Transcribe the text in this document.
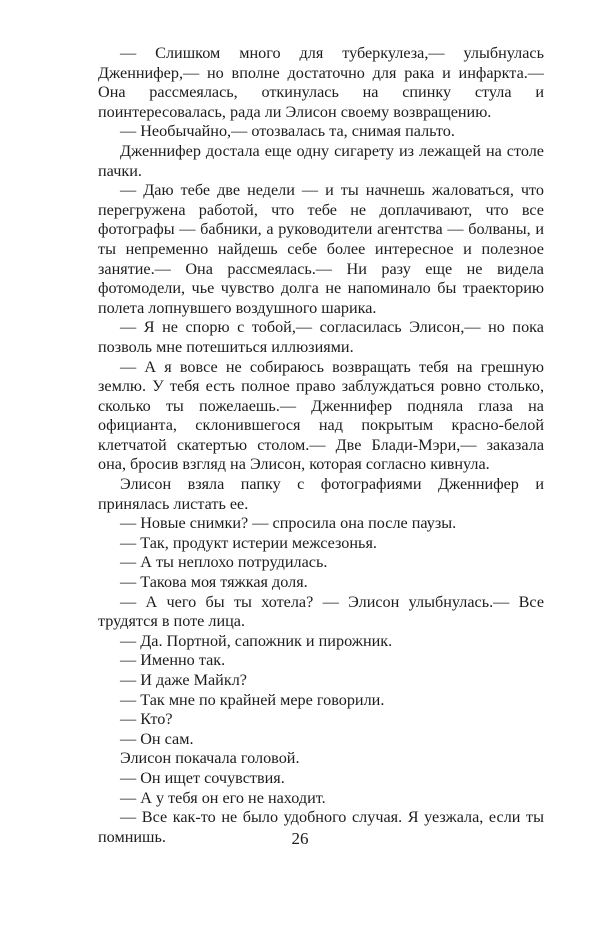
— Слишком много для туберкулеза,— улыбнулась Дженнифер,— но вполне достаточно для рака и инфаркта.— Она рассмеялась, откинулась на спинку стула и поинтересовалась, рада ли Элисон своему возвращению.

— Необычайно,— отозвалась та, снимая пальто.

Дженнифер достала еще одну сигарету из лежащей на столе пачки.

— Даю тебе две недели — и ты начнешь жаловаться, что перегружена работой, что тебе не доплачивают, что все фотографы — бабники, а руководители агентства — болваны, и ты непременно найдешь себе более интересное и полезное занятие.— Она рассмеялась.— Ни разу еще не видела фотомодели, чье чувство долга не напоминало бы траекторию полета лопнувшего воздушного шарика.

— Я не спорю с тобой,— согласилась Элисон,— но пока позволь мне потешиться иллюзиями.

— А я вовсе не собираюсь возвращать тебя на грешную землю. У тебя есть полное право заблуждаться ровно столько, сколько ты пожелаешь.— Дженнифер подняла глаза на официанта, склонившегося над покрытым красно-белой клетчатой скатертью столом.— Две Блади-Мэри,— заказала она, бросив взгляд на Элисон, которая согласно кивнула.

Элисон взяла папку с фотографиями Дженнифер и принялась листать ее.

— Новые снимки? — спросила она после паузы.

— Так, продукт истерии межсезонья.

— А ты неплохо потрудилась.

— Такова моя тяжкая доля.

— А чего бы ты хотела? — Элисон улыбнулась.— Все трудятся в поте лица.

— Да. Портной, сапожник и пирожник.

— Именно так.

— И даже Майкл?

— Так мне по крайней мере говорили.

— Кто?

— Он сам.

Элисон покачала головой.

— Он ищет сочувствия.

— А у тебя он его не находит.

— Все как-то не было удобного случая. Я уезжала, если ты помнишь.	26
